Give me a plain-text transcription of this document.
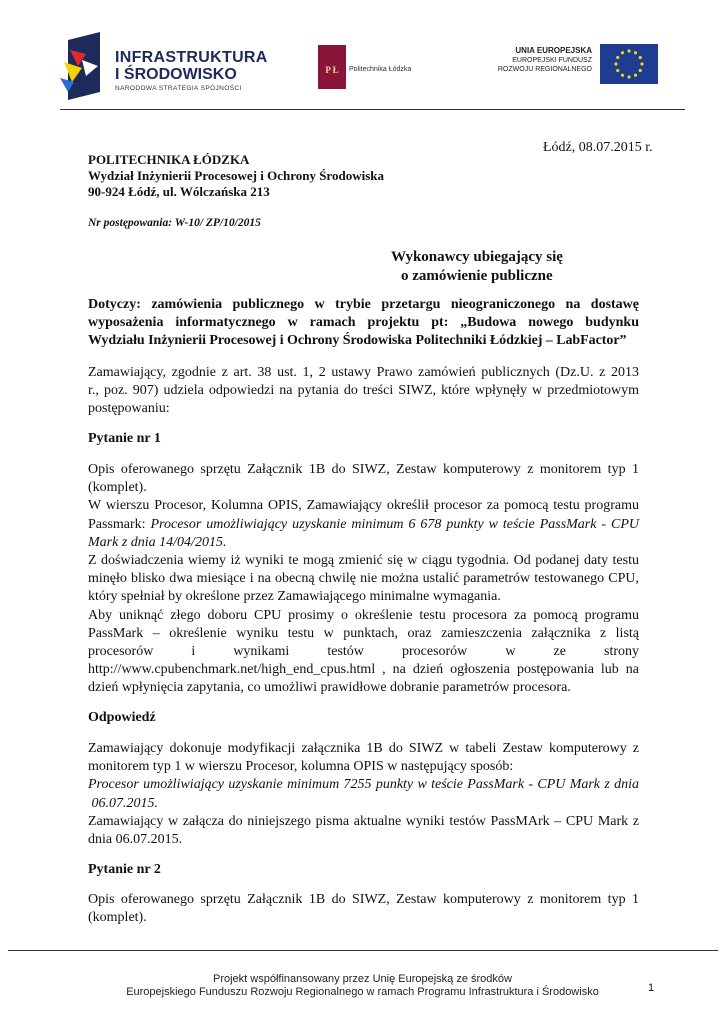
INFRASTRUKTURA
I ŚRODOWISKO
NARODOWA STRATEGIA SPÓJNOŚCI
P Ł	Politechnika Łódzka
UNIA EUROPEJSKA
EUROPEJSKI FUNDUSZ
ROZWOJU REGIONALNEGO
Łódź, 08.07.2015 r.
POLITECHNIKA ŁÓDZKA
Wydział Inżynierii Procesowej i Ochrony Środowiska
90-924 Łódź, ul. Wólczańska 213
Nr postępowania: W-10/ ZP/10/2015
Wykonawcy ubiegający się
o zamówienie publiczne
Dotyczy: zamówienia publicznego w trybie przetargu nieograniczonego na dostawę
wyposażenia informatycznego w ramach projektu pt: „Budowa nowego budynku
Wydziału Inżynierii Procesowej i Ochrony Środowiska Politechniki Łódzkiej – LabFactor”
Zamawiający, zgodnie z art. 38 ust. 1, 2 ustawy Prawo zamówień publicznych (Dz.U. z 2013
r., poz. 907) udziela odpowiedzi na pytania do treści SIWZ, które wpłynęły w przedmiotowym
postępowaniu:
Pytanie nr 1
Opis oferowanego sprzętu Załącznik 1B do SIWZ, Zestaw komputerowy z monitorem typ 1
(komplet).
W wierszu Procesor, Kolumna OPIS, Zamawiający określił procesor za pomocą testu programu
Passmark: Procesor umożliwiający uzyskanie minimum 6 678 punkty w teście PassMark - CPU
Mark z dnia 14/04/2015.
Z doświadczenia wiemy iż wyniki te mogą zmienić się w ciągu tygodnia. Od podanej daty testu
minęło blisko dwa miesiące i na obecną chwilę nie można ustalić parametrów testowanego CPU,
który spełniał by określone przez Zamawiającego minimalne wymagania.
Aby uniknąć złego doboru CPU prosimy o określenie testu procesora za pomocą programu
PassMark – określenie wyniku testu w punktach, oraz zamieszczenia załącznika z listą
procesorów          i          wynikami          testów          procesorów          w          ze          strony
http://www.cpubenchmark.net/high_end_cpus.html , na dzień ogłoszenia postępowania lub na
dzień wpłynięcia zapytania, co umożliwi prawidłowe dobranie parametrów procesora.
Odpowiedź
Zamawiający dokonuje modyfikacji załącznika 1B do SIWZ w tabeli Zestaw komputerowy z
monitorem typ 1 w wierszu Procesor, kolumna OPIS w następujący sposób:
Procesor umożliwiający uzyskanie minimum 7255 punkty w teście PassMark - CPU Mark z dnia
06.07.2015.
Zamawiający w załącza do niniejszego pisma aktualne wyniki testów PassMArk – CPU Mark z
dnia 06.07.2015.
Pytanie nr 2
Opis oferowanego sprzętu Załącznik 1B do SIWZ, Zestaw komputerowy z monitorem typ 1
(komplet).
Projekt współfinansowany przez Unię Europejską ze środków
Europejskiego Funduszu Rozwoju Regionalnego w ramach Programu Infrastruktura i Środowisko	1
